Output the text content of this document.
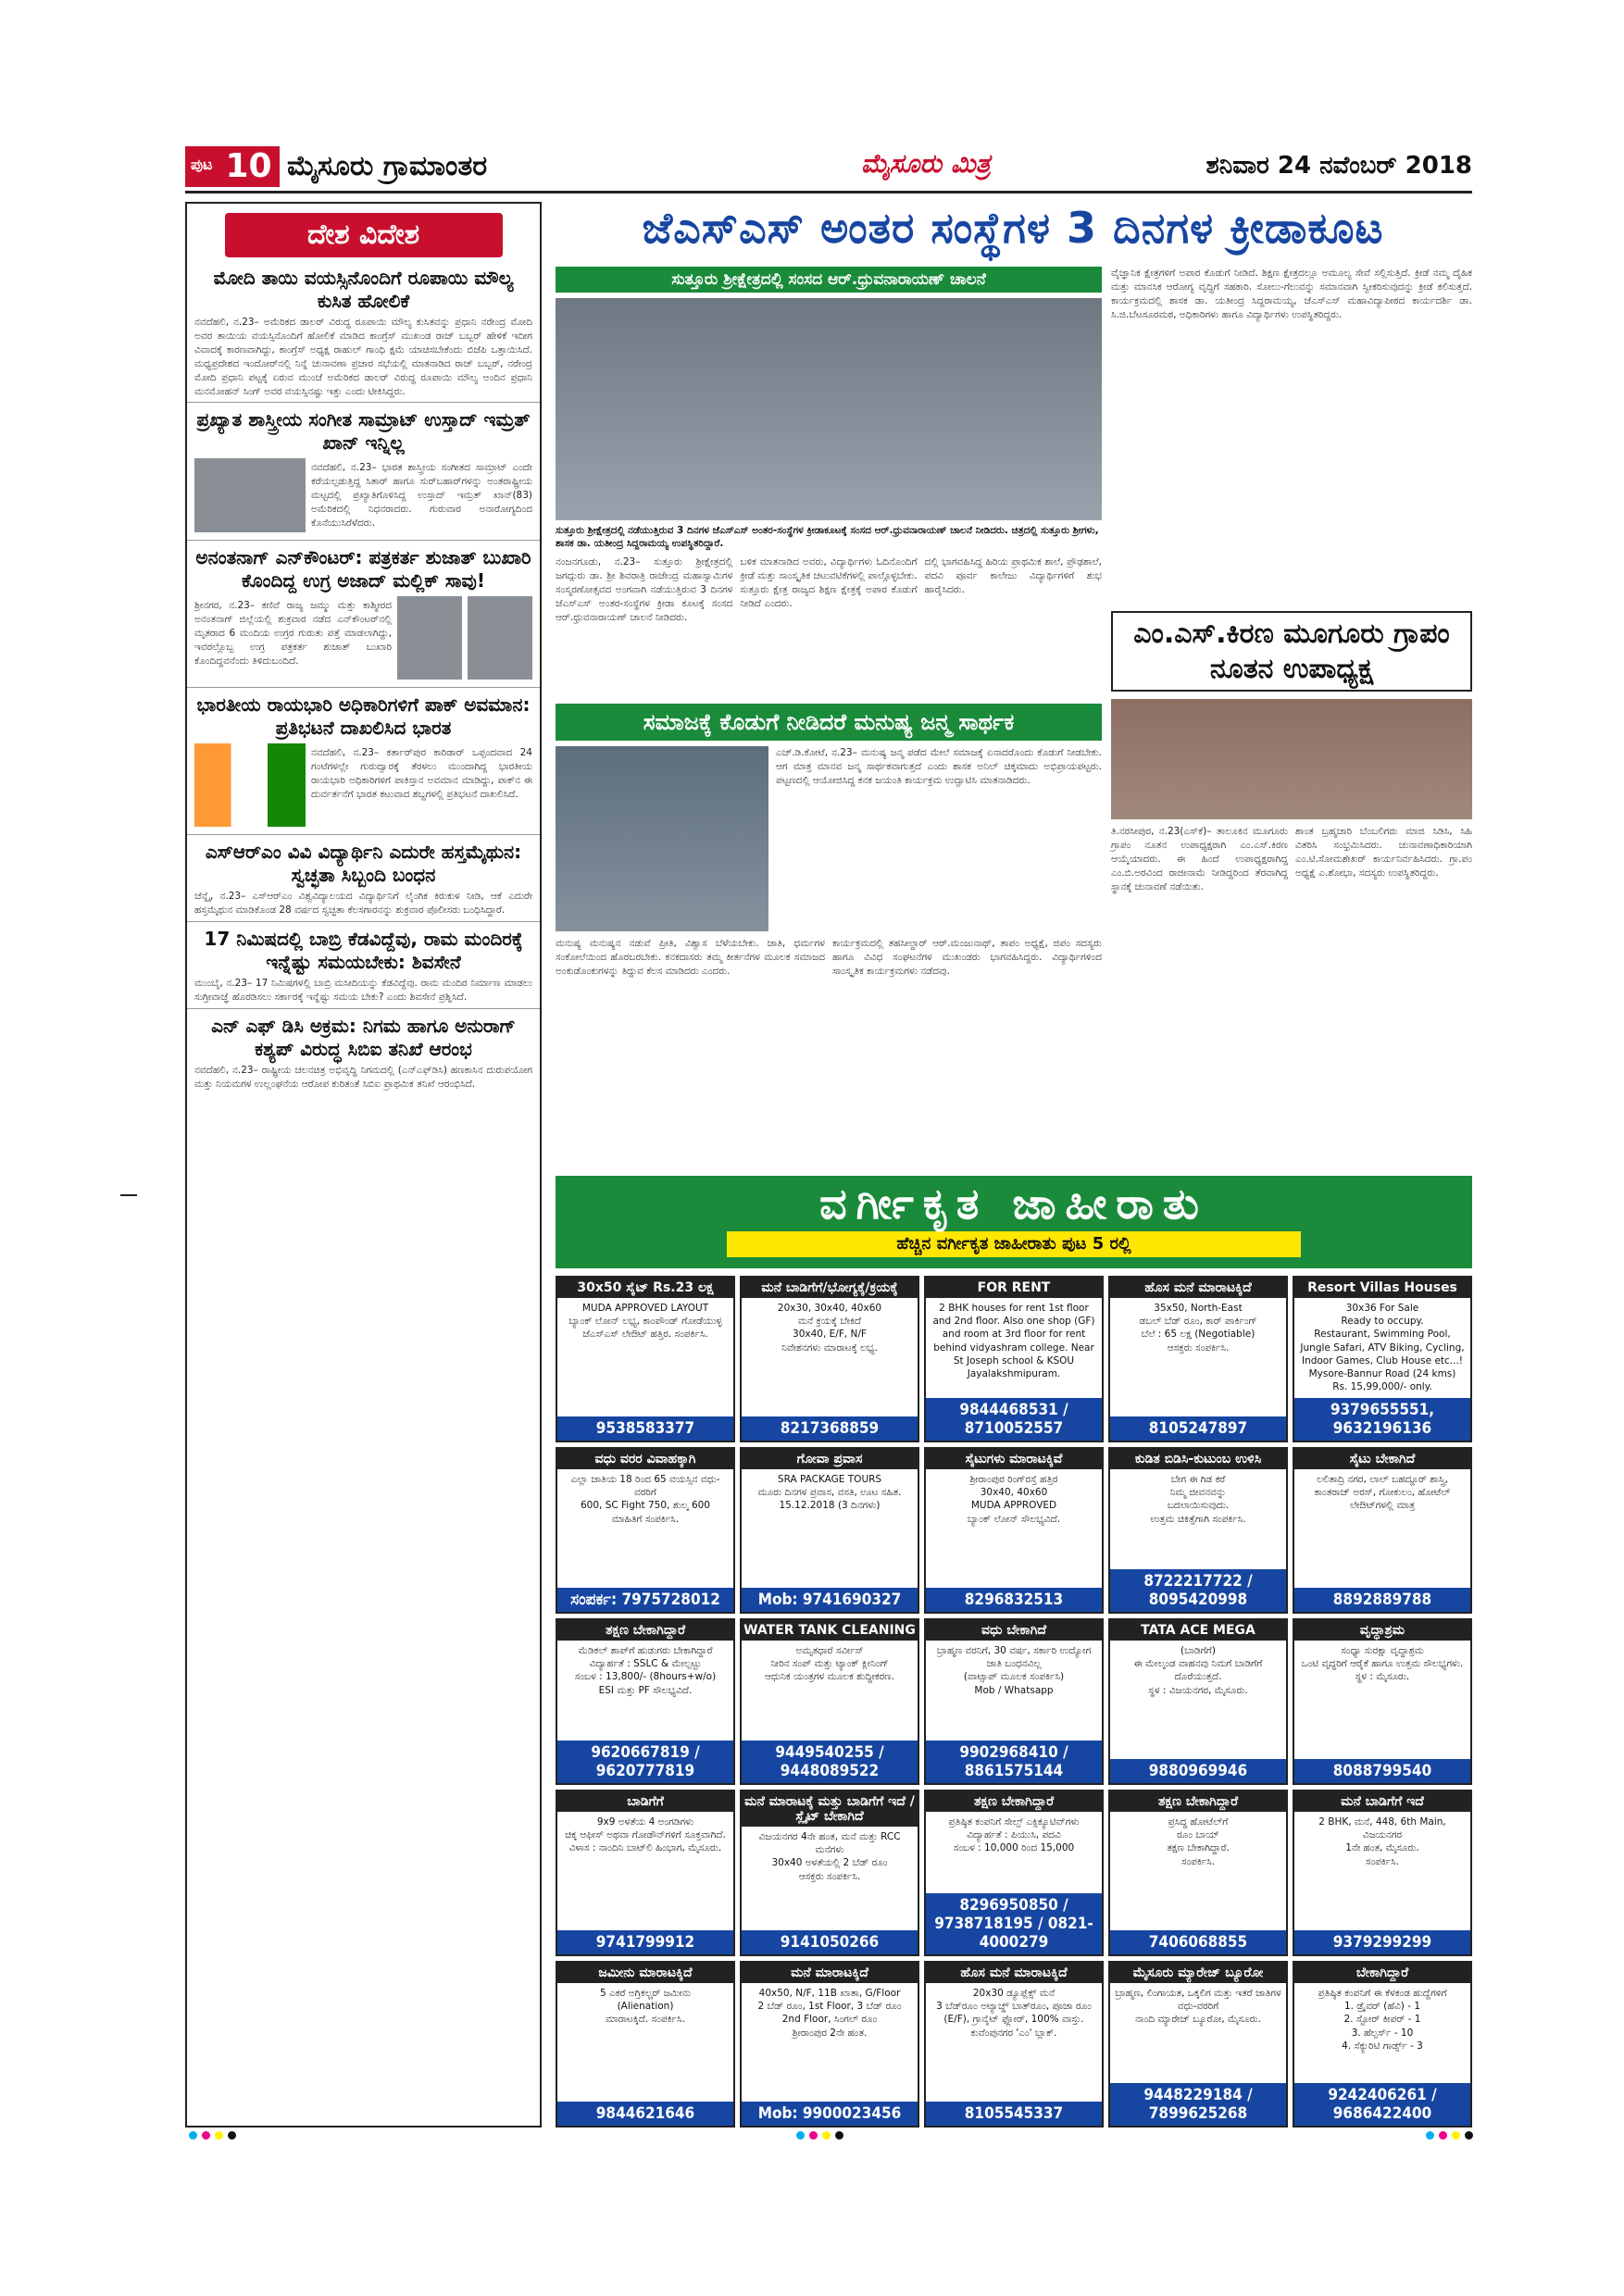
ಪುಟ 10 ಮೈಸೂರು ಗ್ರಾಮಾಂತರ	ಮೈಸೂರು ಮಿತ್ರ	ಶನಿವಾರ 24 ನವೆಂಬರ್ 2018
ದೇಶ ವಿದೇಶ
ಮೋದಿ ತಾಯಿ ವಯಸ್ಸಿನೊಂದಿಗೆ ರೂಪಾಯಿ ಮೌಲ್ಯ ಕುಸಿತ ಹೋಲಿಕೆ

ನವದೆಹಲಿ, ನ.23– ಅಮೆರಿಕದ ಡಾಲರ್ ವಿರುದ್ಧ ರೂಪಾಯಿ ಮೌಲ್ಯ ಕುಸಿತವನ್ನು ಪ್ರಧಾನಿ ನರೇಂದ್ರ ಮೋದಿ ಅವರ ತಾಯಿಯ ವಯಸ್ಸಿನೊಂದಿಗೆ ಹೋಲಿಕೆ ಮಾಡಿದ ಕಾಂಗ್ರೆಸ್ ಮುಖಂಡ ರಾಜ್ ಬಬ್ಬರ್ ಹೇಳಿಕೆ ಇದೀಗ ವಿವಾದಕ್ಕೆ ಕಾರಣವಾಗಿದ್ದು, ಕಾಂಗ್ರೆಸ್ ಅಧ್ಯಕ್ಷ ರಾಹುಲ್ ಗಾಂಧಿ ಕ್ಷಮೆ ಯಾಚಿಸಬೇಕೆಂದು ಬಿಜೆಪಿ ಒತ್ತಾಯಿಸಿದೆ. ಮಧ್ಯಪ್ರದೇಶದ ಇಂದೋರ್‌ನಲ್ಲಿ ನಿನ್ನೆ ಚುನಾವಣಾ ಪ್ರಚಾರ ಸಭೆಯಲ್ಲಿ ಮಾತನಾಡಿದ ರಾಜ್ ಬಬ್ಬರ್, ನರೇಂದ್ರ ಮೋದಿ ಪ್ರಧಾನಿ ಪಟ್ಟಕ್ಕೆ ಏರುವ ಮುಂಚೆ ಅಮೆರಿಕದ ಡಾಲರ್ ವಿರುದ್ಧ ರೂಪಾಯಿ ಮೌಲ್ಯ ಅಂದಿನ ಪ್ರಧಾನಿ ಮನಮೋಹನ್ ಸಿಂಗ್ ಅವರ ವಯಸ್ಸಿನಷ್ಟು ಇತ್ತು ಎಂದು ಟೀಕಿಸಿದ್ದರು.

ಪ್ರಖ್ಯಾತ ಶಾಸ್ತ್ರೀಯ ಸಂಗೀತ ಸಾಮ್ರಾಟ್ ಉಸ್ತಾದ್ ಇಮ್ರತ್ ಖಾನ್ ಇನ್ನಿಲ್ಲ

ನವದೆಹಲಿ, ನ.23– ಭಾರತ ಶಾಸ್ತ್ರೀಯ ಸಂಗೀತದ ಸಾಮ್ರಾಟ್ ಎಂದೇ ಕರೆಯಲ್ಪಡುತ್ತಿದ್ದ ಸಿತಾರ್ ಹಾಗೂ ಸುರ್‌ಬಹಾರ್‌ಗಳನ್ನು ಅಂತರಾಷ್ಟ್ರೀಯ ಮಟ್ಟದಲ್ಲಿ ಪ್ರಖ್ಯಾತಿಗೊಳಿಸಿದ್ದ ಉಸ್ತಾದ್ ಇಮ್ರತ್ ಖಾನ್(83) ಅಮೆರಿಕದಲ್ಲಿ ನಿಧನರಾದರು. ಗುರುವಾರ ಅನಾರೋಗ್ಯದಿಂದ ಕೊನೆಯುಸಿರೆಳೆದರು.

ಅನಂತನಾಗ್ ಎನ್‌ಕೌಂಟರ್: ಪತ್ರಕರ್ತ ಶುಜಾತ್ ಬುಖಾರಿ ಕೊಂದಿದ್ದ ಉಗ್ರ ಅಜಾದ್ ಮಲ್ಲಿಕ್ ಸಾವು!

ಶ್ರೀನಗರ, ನ.23– ಕಣಿವೆ ರಾಜ್ಯ ಜಮ್ಮು ಮತ್ತು ಕಾಶ್ಮೀರದ ಅನಂತನಾಗ್ ಜಿಲ್ಲೆಯಲ್ಲಿ ಶುಕ್ರವಾರ ನಡೆದ ಎನ್‌ಕೌಂಟರ್‌ನಲ್ಲಿ ಮೃತರಾದ 6 ಮಂದಿಯ ಉಗ್ರರ ಗುರುತು ಪತ್ತೆ ಮಾಡಲಾಗಿದ್ದು, ಇವರಲ್ಲೊಬ್ಬ ಉಗ್ರ ಪತ್ರಕರ್ತ ಶುಜಾತ್ ಬುಖಾರಿ ಕೊಂದಿದ್ದವನೆಂದು ತಿಳಿದುಬಂದಿದೆ.

ಭಾರತೀಯ ರಾಯಭಾರಿ ಅಧಿಕಾರಿಗಳಿಗೆ ಪಾಕ್ ಅವಮಾನ: ಪ್ರತಿಭಟನೆ ದಾಖಲಿಸಿದ ಭಾರತ

ನವದೆಹಲಿ, ನ.23– ಕರ್ತಾರ್‌ಪುರ ಕಾರಿಡಾರ್ ಒಪ್ಪಂದವಾದ 24 ಗಂಟೆಗಳಲ್ಲೇ ಗುರುದ್ವಾರಕ್ಕೆ ತೆರಳಲು ಮುಂದಾಗಿದ್ದ ಭಾರತೀಯ ರಾಯಭಾರಿ ಅಧಿಕಾರಿಗಳಿಗೆ ಪಾಕಿಸ್ತಾನ ಅವಮಾನ ಮಾಡಿದ್ದು, ಪಾಕ್‌ನ ಈ ದುರ್ವರ್ತನೆಗೆ ಭಾರತ ಕಟುವಾದ ಶಬ್ದಗಳಲ್ಲಿ ಪ್ರತಿಭಟನೆ ದಾಖಲಿಸಿದೆ.

ಎಸ್‌ಆರ್‌ಎಂ ವಿವಿ ವಿದ್ಯಾರ್ಥಿನಿ ಎದುರೇ ಹಸ್ತಮೈಥುನ: ಸ್ವಚ್ಛತಾ ಸಿಬ್ಬಂದಿ ಬಂಧನ

ಚೆನ್ನೈ, ನ.23– ಎಸ್‌ಆರ್‌ಎಂ ವಿಶ್ವವಿದ್ಯಾಲಯದ ವಿದ್ಯಾರ್ಥಿನಿಗೆ ಲೈಂಗಿಕ ಕಿರುಕುಳ ನೀಡಿ, ಆಕೆ ಎದುರೇ ಹಸ್ತಮೈಥುನ ಮಾಡಿಕೊಂಡ 28 ವರ್ಷದ ಸ್ವಚ್ಛತಾ ಕೆಲಸಗಾರನನ್ನು ಶುಕ್ರವಾರ ಪೊಲೀಸರು ಬಂಧಿಸಿದ್ದಾರೆ.

17 ನಿಮಿಷದಲ್ಲಿ ಬಾಬ್ರಿ ಕೆಡವಿದ್ದೆವು, ರಾಮ ಮಂದಿರಕ್ಕೆ ಇನ್ನೆಷ್ಟು ಸಮಯಬೇಕು: ಶಿವಸೇನೆ

ಮುಂಬೈ, ನ.23– 17 ನಿಮಿಷಗಳಲ್ಲಿ ಬಾಬ್ರಿ ಮಸೀದಿಯನ್ನು ಕೆಡವಿದ್ದೆವು. ರಾಮ ಮಂದಿರ ನಿರ್ಮಾಣ ಮಾಡಲು ಸುಗ್ರೀವಾಜ್ಞೆ ಹೊರಡಿಸಲು ಸರ್ಕಾರಕ್ಕೆ ಇನ್ನೆಷ್ಟು ಸಮಯ ಬೇಕು? ಎಂದು ಶಿವಸೇನೆ ಪ್ರಶ್ನಿಸಿದೆ.

ಎನ್ ಎಫ್ ಡಿಸಿ ಅಕ್ರಮ: ನಿಗಮ ಹಾಗೂ ಅನುರಾಗ್ ಕಶ್ಯಪ್ ವಿರುದ್ಧ ಸಿಬಿಐ ತನಿಖೆ ಆರಂಭ

ನವದೆಹಲಿ, ನ.23– ರಾಷ್ಟ್ರೀಯ ಚಲನಚಿತ್ರ ಅಭಿವೃದ್ಧಿ ನಿಗಮದಲ್ಲಿ (ಎನ್‌ಎಫ್‌ಡಿಸಿ) ಹಣಕಾಸಿನ ದುರುಪಯೋಗ ಮತ್ತು ನಿಯಮಗಳ ಉಲ್ಲಂಘನೆಯ ಆರೋಪ ಕುರಿತಂತೆ ಸಿಬಿಐ ಪ್ರಾಥಮಿಕ ತನಿಖೆ ಆರಂಭಿಸಿದೆ.

ಜೆಎಸ್‌ಎಸ್ ಅಂತರ ಸಂಸ್ಥೆಗಳ 3 ದಿನಗಳ ಕ್ರೀಡಾಕೂಟ
ಸುತ್ತೂರು ಶ್ರೀಕ್ಷೇತ್ರದಲ್ಲಿ ಸಂಸದ ಆರ್.ಧ್ರುವನಾರಾಯಣ್ ಚಾಲನೆ
ಸುತ್ತೂರು ಶ್ರೀಕ್ಷೇತ್ರದಲ್ಲಿ ನಡೆಯುತ್ತಿರುವ 3 ದಿನಗಳ ಜೆಎಸ್‌ಎಸ್ ಅಂತರ-ಸಂಸ್ಥೆಗಳ ಕ್ರೀಡಾಕೂಟಕ್ಕೆ ಸಂಸದ ಆರ್.ಧ್ರುವನಾರಾಯಣ್ ಚಾಲನೆ ನೀಡಿದರು. ಚಿತ್ರದಲ್ಲಿ ಸುತ್ತೂರು ಶ್ರೀಗಳು, ಶಾಸಕ ಡಾ. ಯತೀಂದ್ರ ಸಿದ್ದರಾಮಯ್ಯ ಉಪಸ್ಥಿತರಿದ್ದಾರೆ.

ನಂಜನಗೂಡು, ನ.23– ಸುತ್ತೂರು ಶ್ರೀಕ್ಷೇತ್ರದಲ್ಲಿ ಜಗದ್ಗುರು ಡಾ. ಶ್ರೀ ಶಿವರಾತ್ರಿ ರಾಜೇಂದ್ರ ಮಹಾಸ್ವಾಮಿಗಳ ಸಂಸ್ಮರಣೋತ್ಸವದ ಅಂಗವಾಗಿ ನಡೆಯುತ್ತಿರುವ 3 ದಿನಗಳ ಜೆಎಸ್‌ಎಸ್ ಅಂತರ-ಸಂಸ್ಥೆಗಳ ಕ್ರೀಡಾ ಕೂಟಕ್ಕೆ ಸಂಸದ ಆರ್.ಧ್ರುವನಾರಾಯಣ್ ಚಾಲನೆ ನೀಡಿದರು.

ಬಳಿಕ ಮಾತನಾಡಿದ ಅವರು, ವಿದ್ಯಾರ್ಥಿಗಳು ಓದಿನೊಂದಿಗೆ ಕ್ರೀಡೆ ಮತ್ತು ಸಾಂಸ್ಕೃತಿಕ ಚಟುವಟಿಕೆಗಳಲ್ಲಿ ಪಾಲ್ಗೊಳ್ಳಬೇಕು. ಸುತ್ತೂರು ಕ್ಷೇತ್ರ ರಾಜ್ಯದ ಶಿಕ್ಷಣ ಕ್ಷೇತ್ರಕ್ಕೆ ಅಪಾರ ಕೊಡುಗೆ ನೀಡಿದೆ ಎಂದರು.

ದಲ್ಲಿ ಭಾಗವಹಿಸಿದ್ದ ಹಿರಿಯ ಪ್ರಾಥಮಿಕ ಶಾಲೆ, ಪ್ರೌಢಶಾಲೆ, ಪದವಿ ಪೂರ್ವ ಕಾಲೇಜು ವಿದ್ಯಾರ್ಥಿಗಳಿಗೆ ಶುಭ ಹಾರೈಸಿದರು.

ವೈಜ್ಞಾನಿಕ ಕ್ಷೇತ್ರಗಳಿಗೆ ಅಪಾರ ಕೊಡುಗೆ ನೀಡಿದೆ. ಶಿಕ್ಷಣ ಕ್ಷೇತ್ರದಲ್ಲೂ ಅಮೂಲ್ಯ ಸೇವೆ ಸಲ್ಲಿಸುತ್ತಿದೆ. ಕ್ರೀಡೆ ನಮ್ಮ ದೈಹಿಕ ಮತ್ತು ಮಾನಸಿಕ ಆರೋಗ್ಯ ವೃದ್ಧಿಗೆ ಸಹಕಾರಿ. ಸೋಲು-ಗೆಲುವನ್ನು ಸಮಾನವಾಗಿ ಸ್ವೀಕರಿಸುವುದನ್ನು ಕ್ರೀಡೆ ಕಲಿಸುತ್ತದೆ. ಕಾರ್ಯಕ್ರಮದಲ್ಲಿ ಶಾಸಕ ಡಾ. ಯತೀಂದ್ರ ಸಿದ್ದರಾಮಯ್ಯ, ಜೆಎಸ್‌ಎಸ್ ಮಹಾವಿದ್ಯಾಪೀಠದ ಕಾರ್ಯದರ್ಶಿ ಡಾ. ಸಿ.ಜಿ.ಬೆಟಸೂರಮಠ, ಅಧಿಕಾರಿಗಳು ಹಾಗೂ ವಿದ್ಯಾರ್ಥಿಗಳು ಉಪಸ್ಥಿತರಿದ್ದರು.

ಎಂ.ಎಸ್.ಕಿರಣ ಮೂಗೂರು ಗ್ರಾಪಂ ನೂತನ ಉಪಾಧ್ಯಕ್ಷ

ತಿ.ನರಸೀಪುರ, ನ.23(ಎಸ್‌ಕೆ)– ತಾಲೂಕಿನ ಮೂಗೂರು ಗ್ರಾಪಂ ನೂತನ ಉಪಾಧ್ಯಕ್ಷರಾಗಿ ಎಂ.ಎಸ್.ಕಿರಣ ಆಯ್ಕೆಯಾದರು. ಈ ಹಿಂದೆ ಉಪಾಧ್ಯಕ್ಷರಾಗಿದ್ದ ಎಂ.ಬಿ.ಅರವಿಂದ ರಾಜೀನಾಮೆ ನೀಡಿದ್ದರಿಂದ ತೆರವಾಗಿದ್ದ ಸ್ಥಾನಕ್ಕೆ ಚುನಾವಣೆ ನಡೆಯಿತು.

ಶಾಂತ ಬ್ರಹ್ಮಚಾರಿ ಬೆಂಬಲಿಗರು ಮಾಜಿ ಸಿಡಿಸಿ, ಸಿಹಿ ವಿತರಿಸಿ ಸಂಭ್ರಮಿಸಿದರು. ಚುನಾವಣಾಧಿಕಾರಿಯಾಗಿ ಎಂ.ಟಿ.ಸೋಮಶೇಖರ್ ಕಾರ್ಯನಿರ್ವಹಿಸಿದರು. ಗ್ರಾ.ಪಂ ಅಧ್ಯಕ್ಷೆ ಎ.ಶೋಭಾ, ಸದಸ್ಯರು ಉಪಸ್ಥಿತರಿದ್ದರು.

ಸಮಾಜಕ್ಕೆ ಕೊಡುಗೆ ನೀಡಿದರೆ ಮನುಷ್ಯ ಜನ್ಮ ಸಾರ್ಥಕ

ಎಚ್.ಡಿ.ಕೋಟೆ, ನ.23– ಮನುಷ್ಯ ಜನ್ಮ ಪಡೆದ ಮೇಲೆ ಸಮಾಜಕ್ಕೆ ಏನಾದರೊಂದು ಕೊಡುಗೆ ನೀಡಬೇಕು. ಆಗ ಮಾತ್ರ ಮಾನವ ಜನ್ಮ ಸಾರ್ಥಕವಾಗುತ್ತದೆ ಎಂದು ಶಾಸಕ ಅನಿಲ್ ಚಿಕ್ಕಮಾದು ಅಭಿಪ್ರಾಯಪಟ್ಟರು. ಪಟ್ಟಣದಲ್ಲಿ ಆಯೋಜಿಸಿದ್ದ ಕನಕ ಜಯಂತಿ ಕಾರ್ಯಕ್ರಮ ಉದ್ಘಾಟಿಸಿ ಮಾತನಾಡಿದರು.

ಮನುಷ್ಯ ಮನುಷ್ಯನ ನಡುವೆ ಪ್ರೀತಿ, ವಿಶ್ವಾಸ ಬೆಳೆಯಬೇಕು. ಜಾತಿ, ಧರ್ಮಗಳ ಸಂಕೋಲೆಯಿಂದ ಹೊರಬರಬೇಕು. ಕನಕದಾಸರು ತಮ್ಮ ಕೀರ್ತನೆಗಳ ಮೂಲಕ ಸಮಾಜದ ಅಂಕುಡೊಂಕುಗಳನ್ನು ತಿದ್ದುವ ಕೆಲಸ ಮಾಡಿದರು ಎಂದರು.

ಕಾರ್ಯಕ್ರಮದಲ್ಲಿ ತಹಸೀಲ್ದಾರ್ ಆರ್.ಮಂಜುನಾಥ್, ತಾಪಂ ಅಧ್ಯಕ್ಷೆ, ಜಿಪಂ ಸದಸ್ಯರು ಹಾಗೂ ವಿವಿಧ ಸಂಘಟನೆಗಳ ಮುಖಂಡರು ಭಾಗವಹಿಸಿದ್ದರು. ವಿದ್ಯಾರ್ಥಿಗಳಿಂದ ಸಾಂಸ್ಕೃತಿಕ ಕಾರ್ಯಕ್ರಮಗಳು ನಡೆದವು.

ವರ್ಗೀಕೃತ ಜಾಹೀರಾತು
ಹೆಚ್ಚಿನ ವರ್ಗೀಕೃತ ಜಾಹೀರಾತು ಪುಟ 5 ರಲ್ಲಿ
30x50 ಸೈಟ್ Rs.23 ಲಕ್ಷ
MUDA APPROVED LAYOUT
ಬ್ಯಾಂಕ್ ಲೋನ್ ಲಭ್ಯ, ಕಾಂಪೌಂಡ್ ಗೋಡೆಯುಳ್ಳ ಜೆಎಸ್‌ಎಸ್ ಲೇಔಟ್ ಹತ್ತಿರ. ಸಂಪರ್ಕಿಸಿ.
9538583377
ಮನೆ ಬಾಡಿಗೆಗೆ/ಭೋಗ್ಯಕ್ಕೆ/ಕ್ರಯಕ್ಕೆ
20x30, 30x40, 40x60
ಮನೆ ಕ್ರಯಕ್ಕೆ ಬೇಕಿದೆ
30x40, E/F, N/F
ನಿವೇಶನಗಳು ಮಾರಾಟಕ್ಕೆ ಲಭ್ಯ.
8217368859
FOR RENT
2 BHK houses for rent 1st floor and 2nd floor. Also one shop (GF) and room at 3rd floor for rent behind vidyashram college. Near St Joseph school & KSOU Jayalakshmipuram.
9844468531 / 8710052557
ಹೊಸ ಮನೆ ಮಾರಾಟಕ್ಕಿದೆ
35x50, North-East
ಡಬಲ್ ಬೆಡ್ ರೂಂ, ಕಾರ್ ಪಾರ್ಕಿಂಗ್
ಬೆಲೆ : 65 ಲಕ್ಷ (Negotiable)
ಆಸಕ್ತರು ಸಂಪರ್ಕಿಸಿ.
8105247897
Resort Villas Houses
30x36 For Sale
Ready to occupy.
Restaurant, Swimming Pool, Jungle Safari, ATV Biking, Cycling, Indoor Games, Club House etc...!
Mysore-Bannur Road (24 kms)
Rs. 15,99,000/- only.
9379655551, 9632196136
ವಧು ವರರ ವಿವಾಹಕ್ಕಾಗಿ
ಎಲ್ಲಾ ಜಾತಿಯ 18 ರಿಂದ 65 ವಯಸ್ಸಿನ ವಧು-ವರರಿಗೆ
600, SC Fight 750, ಶುಲ್ಕ 600
ಮಾಹಿತಿಗೆ ಸಂಪರ್ಕಿಸಿ.
ಸಂಪರ್ಕ: 7975728012
ಗೋವಾ ಪ್ರವಾಸ
SRA PACKAGE TOURS
ಮೂರು ದಿನಗಳ ಪ್ರವಾಸ, ವಸತಿ, ಊಟ ಸಹಿತ.
15.12.2018 (3 ದಿನಗಳು)
Mob: 9741690327
ಸೈಟುಗಳು ಮಾರಾಟಕ್ಕಿವೆ
ಶ್ರೀರಾಂಪುರ ರಿಂಗ್‌ರಸ್ತೆ ಹತ್ತಿರ
30x40, 40x60
MUDA APPROVED
ಬ್ಯಾಂಕ್ ಲೋನ್ ಸೌಲಭ್ಯವಿದೆ.
8296832513
ಕುಡಿತ ಬಿಡಿಸಿ-ಕುಟುಂಬ ಉಳಿಸಿ
ಬೇಗ ಈ ಗಿಡ ಕರೆ
ನಿಮ್ಮ ಜೀವನವನ್ನು
ಬದಲಾಯಿಸುವುದು.
ಉತ್ತಮ ಚಿಕಿತ್ಸೆಗಾಗಿ ಸಂಪರ್ಕಿಸಿ.
8722217722 / 8095420998
ಸೈಟು ಬೇಕಾಗಿದೆ
ಲಲಿತಾದ್ರಿ ನಗರ, ಲಾಲ್ ಬಹದ್ದೂರ್ ಶಾಸ್ತ್ರಿ, ಕಾಂತರಾಜ್ ಅರಸ್, ಗೋಕುಲಂ, ಹೋಟೆಲ್ ಲೇಔಟ್‌ಗಳಲ್ಲಿ ಮಾತ್ರ
8892889788
ತಕ್ಷಣ ಬೇಕಾಗಿದ್ದಾರೆ
ಮೆಡಿಕಲ್ ಶಾಪ್‌ಗೆ ಹುಡುಗರು ಬೇಕಾಗಿದ್ದಾರೆ
ವಿದ್ಯಾರ್ಹತೆ : SSLC & ಮೇಲ್ಪಟ್ಟು
ಸಂಬಳ : 13,800/- (8hours+w/o)
ESI ಮತ್ತು PF ಸೌಲಭ್ಯವಿದೆ.
9620667819 / 9620777819
WATER TANK CLEANING
ಅಮೃತಧಾರೆ ಸರ್ವೀಸ್
ನೀರಿನ ಸಂಪ್ ಮತ್ತು ಟ್ಯಾಂಕ್ ಕ್ಲೀನಿಂಗ್
ಆಧುನಿಕ ಯಂತ್ರಗಳ ಮೂಲಕ ಶುದ್ಧೀಕರಣ.
9449540255 / 9448089522
ವಧು ಬೇಕಾಗಿದೆ
ಬ್ರಾಹ್ಮಣ ವರನಿಗೆ, 30 ವರ್ಷ, ಸರ್ಕಾರಿ ಉದ್ಯೋಗ
ಜಾತಿ ಬಂಧನವಿಲ್ಲ
(ವಾಟ್ಸಾಪ್ ಮೂಲಕ ಸಂಪರ್ಕಿಸಿ)
Mob / Whatsapp
9902968410 / 8861575144
TATA ACE MEGA
(ಬಾಡಿಗೆಗೆ)
ಈ ಮೇಲ್ಕಂಡ ವಾಹನವು ನಿಮಗೆ ಬಾಡಿಗೆಗೆ ದೊರೆಯುತ್ತದೆ.
ಸ್ಥಳ : ವಿಜಯನಗರ, ಮೈಸೂರು.
9880969946
ವೃದ್ಧಾಶ್ರಮ
ಸಂಧ್ಯಾ ಸುರಕ್ಷಾ ವೃದ್ಧಾಶ್ರಮ
ಒಂಟಿ ವೃದ್ಧರಿಗೆ ಆರೈಕೆ ಹಾಗೂ ಉತ್ತಮ ಸೌಲಭ್ಯಗಳು.
ಸ್ಥಳ : ಮೈಸೂರು.
8088799540
ಬಾಡಿಗೆಗೆ
9x9 ಅಳತೆಯ 4 ಅಂಗಡಿಗಳು
ಚಿಕ್ಕ ಆಫೀಸ್ ಅಥವಾ ಗೋಡೌನ್‌ಗಳಿಗೆ ಸೂಕ್ತವಾಗಿದೆ.
ವಿಳಾಸ : ನಾಂದಿನಿ ಬಾಟ್‌ಲಿ ಹಿಂಭಾಗ, ಮೈಸೂರು.
9741799912
ಮನೆ ಮಾರಾಟಕ್ಕೆ ಮತ್ತು ಬಾಡಿಗೆಗೆ ಇದೆ / ಸ್ಲೈಟ್ ಬೇಕಾಗಿದೆ
ವಿಜಯನಗರ 4ನೇ ಹಂತ, ಮನೆ ಮತ್ತು RCC ಮನೆಗಳು
30x40 ಅಳತೆಯಲ್ಲಿ 2 ಬೆಡ್ ರೂಂ
ಆಸಕ್ತರು ಸಂಪರ್ಕಿಸಿ.
9141050266
ತಕ್ಷಣ ಬೇಕಾಗಿದ್ದಾರೆ
ಪ್ರತಿಷ್ಠಿತ ಕಂಪನಿಗೆ ಸೇಲ್ಸ್ ಎಕ್ಸಿಕ್ಯೂಟಿವ್‌ಗಳು
ವಿದ್ಯಾರ್ಹತೆ : ಪಿಯುಸಿ, ಪದವಿ
ಸಂಬಳ : 10,000 ರಿಂದ 15,000
8296950850 / 9738718195 / 0821-4000279
ತಕ್ಷಣ ಬೇಕಾಗಿದ್ದಾರೆ
ಪ್ರಸಿದ್ಧ ಹೋಟೆಲ್‌ಗೆ
ರೂಂ ಬಾಯ್
ತಕ್ಷಣ ಬೇಕಾಗಿದ್ದಾರೆ.
ಸಂಪರ್ಕಿಸಿ.
7406068855
ಮನೆ ಬಾಡಿಗೆಗೆ ಇದೆ
2 BHK, ಮನೆ, 448, 6th Main, ವಿಜಯನಗರ
1ನೇ ಹಂತ, ಮೈಸೂರು.
ಸಂಪರ್ಕಿಸಿ.
9379299299
ಜಮೀನು ಮಾರಾಟಕ್ಕಿದೆ
5 ಎಕರೆ ಅಗ್ರಿಕಲ್ಚರ್ ಜಮೀನು
(Alienation)
ಮಾರಾಟಕ್ಕಿದೆ. ಸಂಪರ್ಕಿಸಿ.
9844621646
ಮನೆ ಮಾರಾಟಕ್ಕಿದೆ
40x50, N/F, 11B ಖಾತಾ, G/Floor
2 ಬೆಡ್ ರೂಂ, 1st Floor, 3 ಬೆಡ್ ರೂಂ
2nd Floor, ಸಿಂಗಲ್ ರೂಂ
ಶ್ರೀರಾಂಪುರ 2ನೇ ಹಂತ.
Mob: 9900023456
ಹೊಸ ಮನೆ ಮಾರಾಟಕ್ಕಿದೆ
20x30 ಡ್ಯೂಪ್ಲೆಕ್ಸ್ ಮನೆ
3 ಬೆಡ್‌ರೂಂ ಅಟ್ಯಾಚ್ಡ್ ಬಾತ್‌ರೂಂ, ಪೂಜಾ ರೂಂ
(E/F), ಗ್ರಾನೈಟ್ ಫ್ಲೋರ್, 100% ವಾಸ್ತು.
ಕುವೆಂಪುನಗರ 'ಎಂ' ಬ್ಲಾಕ್.
8105545337
ಮೈಸೂರು ಮ್ಯಾರೇಜ್ ಬ್ಯೂರೋ
ಬ್ರಾಹ್ಮಣ, ಲಿಂಗಾಯತ, ಒಕ್ಕಲಿಗ ಮತ್ತು ಇತರೆ ಜಾತಿಗಳ ವಧು-ವರರಿಗೆ
ನಾಂದಿ ಮ್ಯಾರೇಜ್ ಬ್ಯೂರೋ, ಮೈಸೂರು.
9448229184 / 7899625268
ಬೇಕಾಗಿದ್ದಾರೆ
ಪ್ರತಿಷ್ಠಿತ ಕಂಪನಿಗೆ ಈ ಕೆಳಕಂಡ ಹುದ್ದೆಗಳಿಗೆ
1. ಡ್ರೈವರ್ (ಹೆವಿ) - 1
2. ಸ್ಟೋರ್ ಕೀಪರ್ - 1
3. ಹೆಲ್ಪರ್ಸ್ - 10
4. ಸೆಕ್ಯುರಿಟಿ ಗಾರ್ಡ್ಸ್ - 3
9242406261 / 9686422400
